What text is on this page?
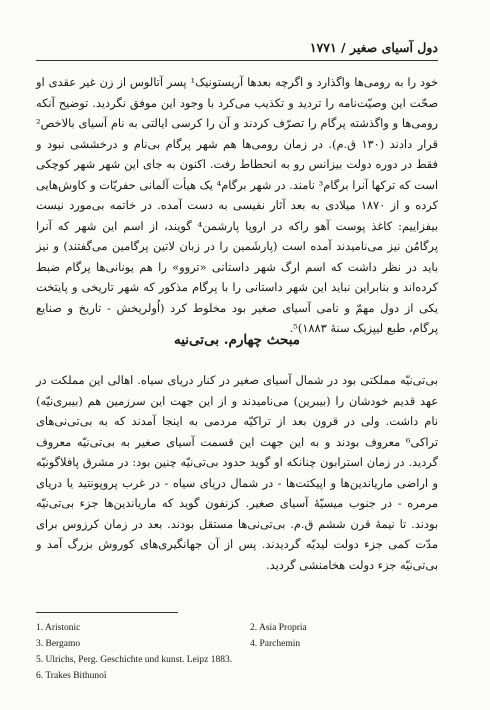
دول آسیای صغیر / ۱۷۷۱
خود را به رومی‌ها واگذارد و اگرچه بعدها آریستونیک¹ پسر آتالوس از زن غیر عقدی او صحّت این وصیّت‌نامه را تردید و تکذیب می‌کرد با وجود این موفق نگردید. توضیح آنکه رومی‌ها و واگذشته پرگام را تصرّف کردند و آن را کرسی ایالتی به نام آسیای بالاخص² قرار دادند (۱۳۰ ق.م). در زمان رومی‌ها هم شهر پرگام بی‌نام و درخششی نبود و فقط در دوره دولت بیزانس رو به انحطاط رفت. اکنون به جای این شهر شهر کوچکی است که ترکها آنرا برگام³ نامند. در شهر برگام⁴ یک هیأت آلمانی حفریّات و کاوش‌هایی کرده و از ۱۸۷۰ میلادی به بعد آثار نفیسی به دست آمده. در خاتمه بی‌مورد نیست بیفزاییم: کاغذ پوست آهو راکه در اروپا پارشمن⁴ گویند، از اسم این شهر که آنرا پرگامُن نیز می‌نامیدند آمده است (پارشَمین را در زبان لاتین پرگامین می‌گفتند) و نیز باید در نظر داشت که اسم ارگ شهر داستانی «تروو» را هم یونانی‌ها پرگام ضبط کرده‌اند و بنابراین نباید این شهر داستانی را با پرگام مذکور که شهر تاریخی و پایتخت یکی از دول مهمّ و نامی آسیای صغیر بود مخلوط کرد (اُولریخش - تاریخ و صنایع پرگام، طبع لیپزیک سنهٔ ۱۸۸۳)⁵.
مبحث چهارم. بی‌تی‌نیه
بی‌تی‌نیّه مملکتی بود در شمال آسیای صغیر در کنار دریای سیاه. اهالی این مملکت در عهد قدیم خودشان را (بیبرین) می‌نامیدند و از این جهت این سرزمین هم (بیبری‌نیّه) نام داشت. ولی در قرون بعد از تراکیّه مردمی به اینجا آمدند که به بی‌تی‌نی‌های تراکی⁶ معروف بودند و به این جهت این قسمت آسیای صغیر به بی‌تی‌نیّه معروف گردید. در زمان استرابون چنانکه او گوید حدود بی‌تی‌نیّه چنین بود: در مشرق پافلاگونیّه و اراضی ماریاندین‌ها و اپیکتت‌ها - در شمال دریای سیاه - در غرب پروپونتید یا دریای مرمره - در جنوب میسیّهٔ آسیای صغیر. کزنفون گوید که ماریاندین‌ها جزء بی‌تی‌نیّه بودند. تا نیمهٔ قرن ششم ق.م. بی‌تی‌نی‌ها مستقل بودند. بعد در زمان کرزوس برای مدّت کمی جزء دولت لیدیّه گردیدند. پس از آن جهانگیری‌های کوروش بزرگ آمد و بی‌تی‌نیّه جزء دولت هخامنشی گردید.
1. Aristonic	2. Asia Propria
3. Bergamo	4. Parchemin
5. Ulrichs, Perg. Geschichte und kunst. Leipz 1883.
6. Trakes Bithunoï
